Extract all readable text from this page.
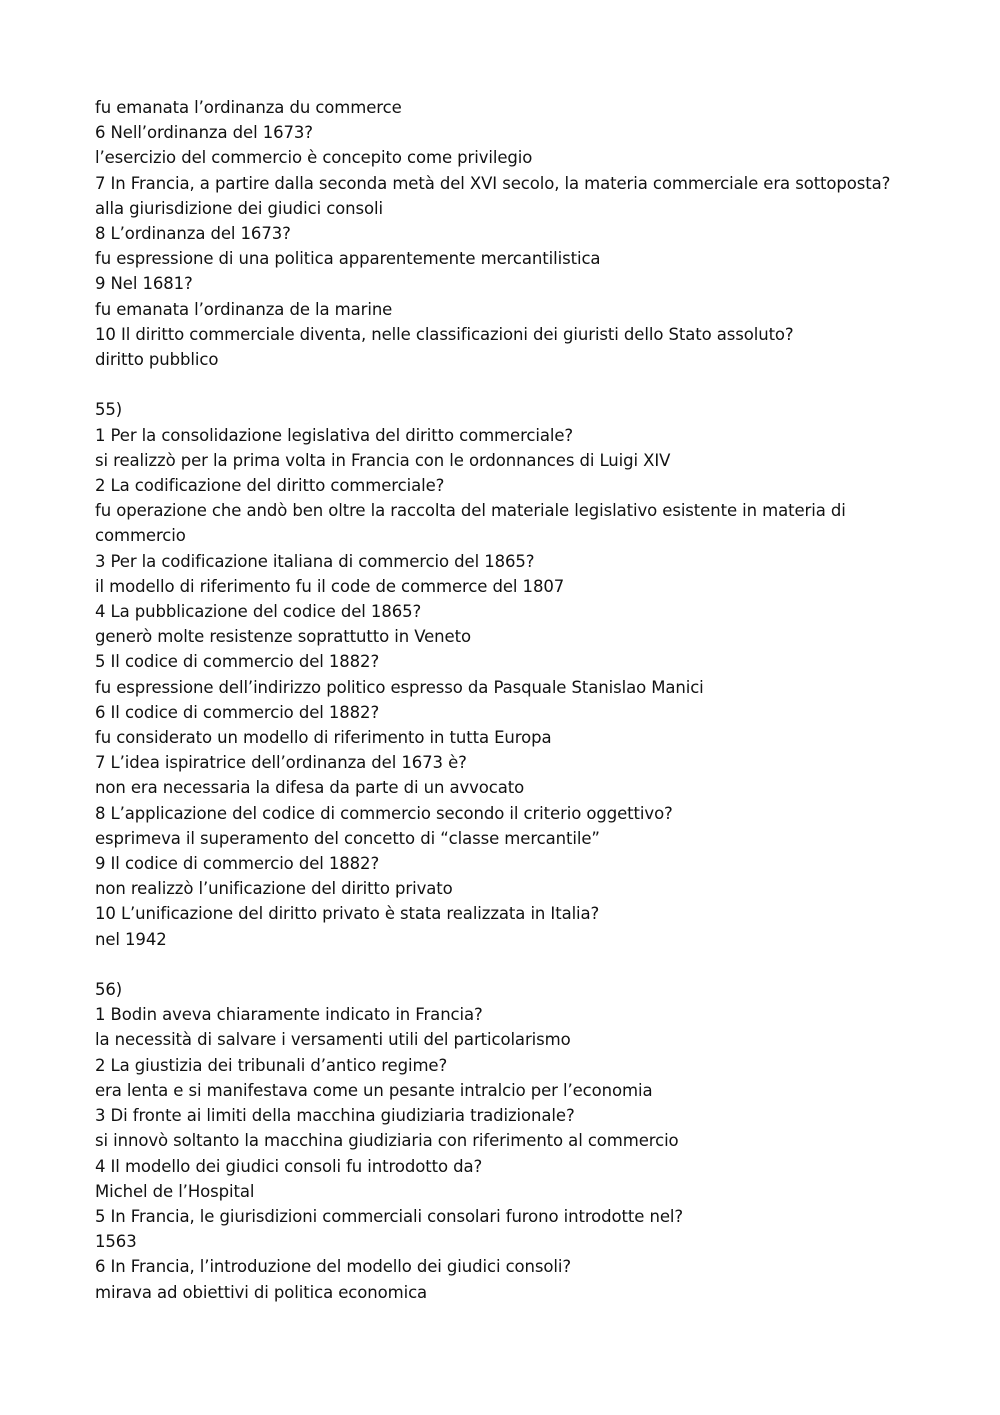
fu emanata l’ordinanza du commerce
6 Nell’ordinanza del 1673?
l’esercizio del commercio è concepito come privilegio
7 In Francia, a partire dalla seconda metà del XVI secolo, la materia commerciale era sottoposta?
alla giurisdizione dei giudici consoli
8 L’ordinanza del 1673?
fu espressione di una politica apparentemente mercantilistica
9 Nel 1681?
fu emanata l’ordinanza de la marine
10 Il diritto commerciale diventa, nelle classificazioni dei giuristi dello Stato assoluto?
diritto pubblico
55)
1 Per la consolidazione legislativa del diritto commerciale?
si realizzò per la prima volta in Francia con le ordonnances di Luigi XIV
2 La codificazione del diritto commerciale?
fu operazione che andò ben oltre la raccolta del materiale legislativo esistente in materia di
commercio
3 Per la codificazione italiana di commercio del 1865?
il modello di riferimento fu il code de commerce del 1807
4 La pubblicazione del codice del 1865?
generò molte resistenze soprattutto in Veneto
5 Il codice di commercio del 1882?
fu espressione dell’indirizzo politico espresso da Pasquale Stanislao Manici
6 Il codice di commercio del 1882?
fu considerato un modello di riferimento in tutta Europa
7 L’idea ispiratrice dell’ordinanza del 1673 è?
non era necessaria la difesa da parte di un avvocato
8 L’applicazione del codice di commercio secondo il criterio oggettivo?
esprimeva il superamento del concetto di “classe mercantile”
9 Il codice di commercio del 1882?
non realizzò l’unificazione del diritto privato
10 L’unificazione del diritto privato è stata realizzata in Italia?
nel 1942
56)
1 Bodin aveva chiaramente indicato in Francia?
la necessità di salvare i versamenti utili del particolarismo
2 La giustizia dei tribunali d’antico regime?
era lenta e si manifestava come un pesante intralcio per l’economia
3 Di fronte ai limiti della macchina giudiziaria tradizionale?
si innovò soltanto la macchina giudiziaria con riferimento al commercio
4 Il modello dei giudici consoli fu introdotto da?
Michel de l’Hospital
5 In Francia, le giurisdizioni commerciali consolari furono introdotte nel?
1563
6 In Francia, l’introduzione del modello dei giudici consoli?
mirava ad obiettivi di politica economica
